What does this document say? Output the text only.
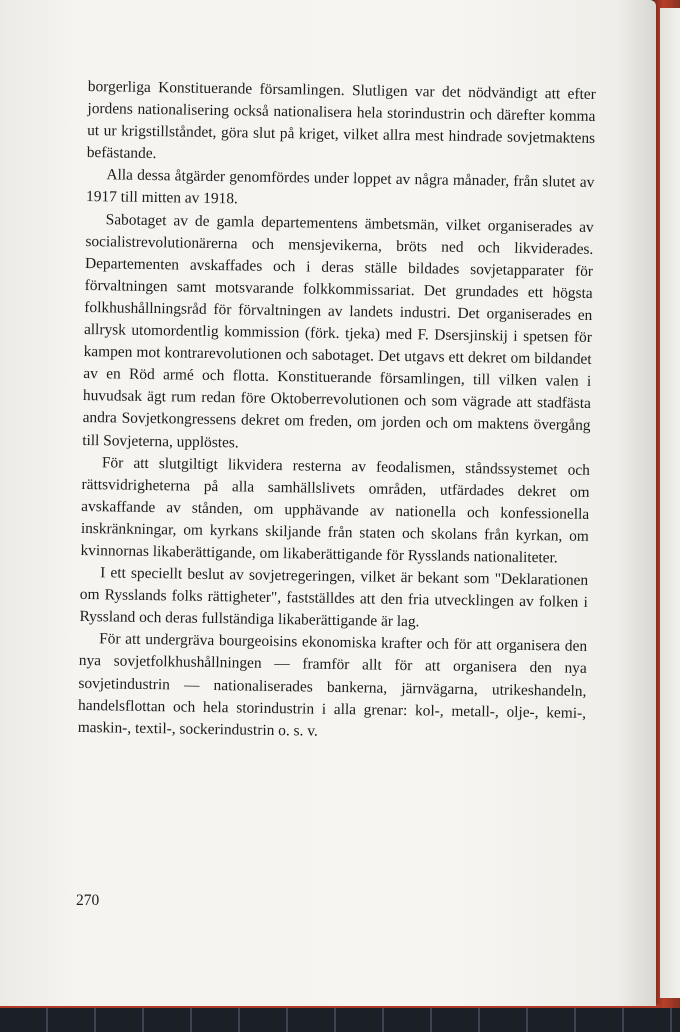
borgerliga Konstituerande församlingen. Slutligen var det nödvändigt att efter jordens nationalisering också nationalisera hela storindustrin och därefter komma ut ur krigstillståndet, göra slut på kriget, vilket allra mest hindrade sovjetmaktens befästande.

Alla dessa åtgärder genomfördes under loppet av några månader, från slutet av 1917 till mitten av 1918.

Sabotaget av de gamla departementens ämbetsmän, vilket organiserades av socialistrevolutionärerna och mensjevikerna, bröts ned och likviderades. Departementen avskaffades och i deras ställe bildades sovjetapparater för förvaltningen samt motsvarande folkkommissariat. Det grundades ett högsta folkhushållningsråd för förvaltningen av landets industri. Det organiserades en allrysk utomordentlig kommission (förk. tjeka) med F. Dsersjinskij i spetsen för kampen mot kontrarevolutionen och sabotaget. Det utgavs ett dekret om bildandet av en Röd armé och flotta. Konstituerande församlingen, till vilken valen i huvudsak ägt rum redan före Oktoberrevolutionen och som vägrade att stadfästa andra Sovjetkongressens dekret om freden, om jorden och om maktens övergång till Sovjeterna, upplöstes.

För att slutgiltigt likvidera resterna av feodalismen, ståndssystemet och rättsvidrigheterna på alla samhällslivets områden, utfärdades dekret om avskaffande av stånden, om upphävande av nationella och konfessionella inskränkningar, om kyrkans skiljande från staten och skolans från kyrkan, om kvinnornas likaberättigande, om likaberättigande för Rysslands nationaliteter.

I ett speciellt beslut av sovjetregeringen, vilket är bekant som "Deklarationen om Rysslands folks rättigheter", fastställdes att den fria utvecklingen av folken i Ryssland och deras fullständiga likaberättigande är lag.

För att undergräva bourgeoisins ekonomiska krafter och för att organisera den nya sovjetfolkhushållningen — framför allt för att organisera den nya sovjetindustrin — nationaliserades bankerna, järnvägarna, utrikeshandeln, handelsflottan och hela storindustrin i alla grenar: kol-, metall-, olje-, kemi-, maskin-, textil-, sockerindustrin o. s. v.

270
